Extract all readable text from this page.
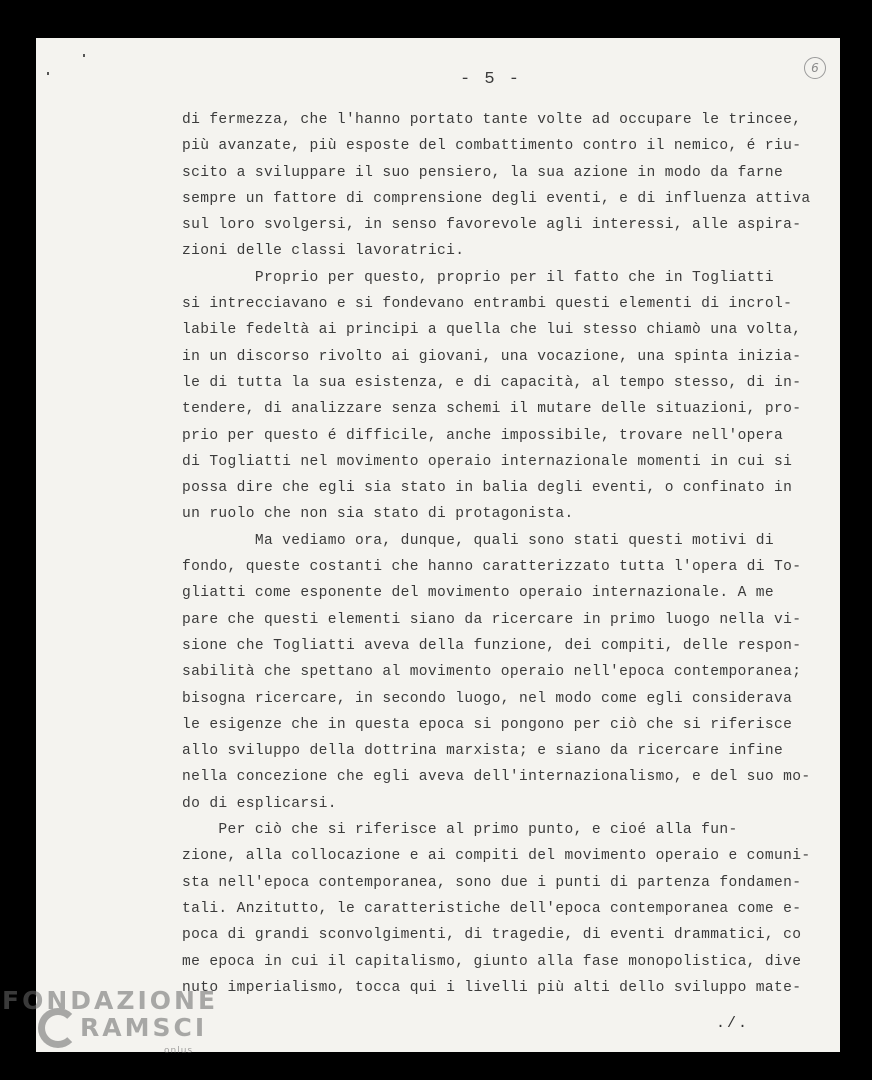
- 5 -
6
di fermezza, che l'hanno portato tante volte ad occupare le trincee,
più avanzate, più esposte del combattimento contro il nemico, é riu-
scito a sviluppare il suo pensiero, la sua azione in modo da farne
sempre un fattore di comprensione degli eventi, e di influenza attiva
sul loro svolgersi, in senso favorevole agli interessi, alle aspira-
zioni delle classi lavoratrici.
Proprio per questo, proprio per il fatto che in Togliatti
si intrecciavano e si fondevano entrambi questi elementi di incrol-
labile fedeltà ai principi a quella che lui stesso chiamò una volta,
in un discorso rivolto ai giovani, una vocazione, una spinta inizia-
le di tutta la sua esistenza, e di capacità, al tempo stesso, di in-
tendere, di analizzare senza schemi il mutare delle situazioni, pro-
prio per questo é difficile, anche impossibile, trovare nell'opera
di Togliatti nel movimento operaio internazionale momenti in cui si
possa dire che egli sia stato in balia degli eventi, o confinato in
un ruolo che non sia stato di protagonista.
Ma vediamo ora, dunque, quali sono stati questi motivi di
fondo, queste costanti che hanno caratterizzato tutta l'opera di To-
gliatti come esponente del movimento operaio internazionale. A me
pare che questi elementi siano da ricercare in primo luogo nella vi-
sione che Togliatti aveva della funzione, dei compiti, delle respon-
sabilità che spettano al movimento operaio nell'epoca contemporanea;
bisogna ricercare, in secondo luogo, nel modo come egli considerava
le esigenze che in questa epoca si pongono per ciò che si riferisce
allo sviluppo della dottrina marxista; e siano da ricercare infine
nella concezione che egli aveva dell'internazionalismo, e del suo mo-
do di esplicarsi.
Per ciò che si riferisce al primo punto, e cioé alla fun-
zione, alla collocazione e ai compiti del movimento operaio e comuni-
sta nell'epoca contemporanea, sono due i punti di partenza fondamen-
tali. Anzitutto, le caratteristiche dell'epoca contemporanea come e-
poca di grandi sconvolgimenti, di tragedie, di eventi drammatici, co
me epoca in cui il capitalismo, giunto alla fase monopolistica, dive
nuto imperialismo, tocca qui i livelli più alti dello sviluppo mate-
./.
FONDAZIONE
RAMSCI
onlus
